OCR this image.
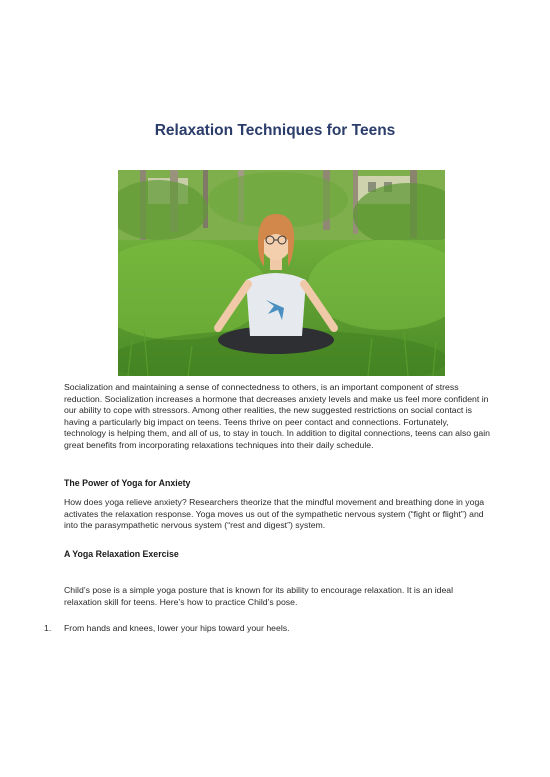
Relaxation Techniques for Teens

Socialization and maintaining a sense of connectedness to others, is an important component of stress reduction. Socialization increases a hormone that decreases anxiety levels and make us feel more confident in our ability to cope with stressors. Among other realities, the new suggested restrictions on social contact is having a particularly big impact on teens. Teens thrive on peer contact and connections. Fortunately, technology is helping them, and all of us, to stay in touch. In addition to digital connections, teens can also gain great benefits from incorporating relaxations techniques into their daily schedule.

The Power of Yoga for Anxiety

How does yoga relieve anxiety? Researchers theorize that the mindful movement and breathing done in yoga activates the relaxation response. Yoga moves us out of the sympathetic nervous system (“fight or flight”) and into the parasympathetic nervous system (“rest and digest”) system.

A Yoga Relaxation Exercise

Child’s pose is a simple yoga posture that is known for its ability to encourage relaxation. It is an ideal relaxation skill for teens. Here’s how to practice Child’s pose.

1.	From hands and knees, lower your hips toward your heels.
